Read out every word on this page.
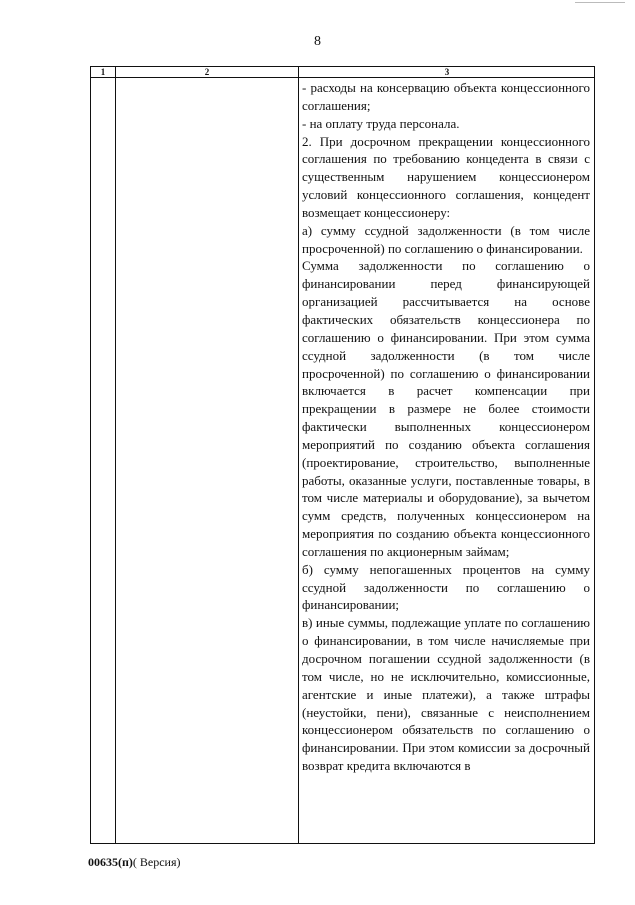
8
1	2	3

- расходы на консервацию объекта концессионного соглашения;

- на оплату труда персонала.

2. При досрочном прекращении концессионного соглашения по требованию концедента в связи с существенным нарушением концессионером условий концессионного соглашения, концедент возмещает концессионеру:

а) сумму ссудной задолженности (в том числе просроченной) по соглашению о финансировании.

Сумма задолженности по соглашению о финансировании перед финансирующей организацией рассчитывается на основе фактических обязательств концессионера по соглашению о финансировании. При этом сумма ссудной задолженности (в том числе просроченной) по соглашению о финансировании включается в расчет компенсации при прекращении в размере не более стоимости фактически выполненных концессионером мероприятий по созданию объекта соглашения (проектирование, строительство, выполненные работы, оказанные услуги, поставленные товары, в том числе материалы и оборудование), за вычетом сумм средств, полученных концессионером на мероприятия по созданию объекта концессионного соглашения по акционерным займам;

б) сумму непогашенных процентов на сумму ссудной задолженности по соглашению о финансировании;

в) иные суммы, подлежащие уплате по соглашению о финансировании, в том числе начисляемые при досрочном погашении ссудной задолженности (в том числе, но не исключительно, комиссионные, агентские и иные платежи), а также штрафы (неустойки, пени), связанные с неисполнением концессионером обязательств по соглашению о финансировании. При этом комиссии за досрочный возврат кредита включаются в

00635(п)( Версия)
